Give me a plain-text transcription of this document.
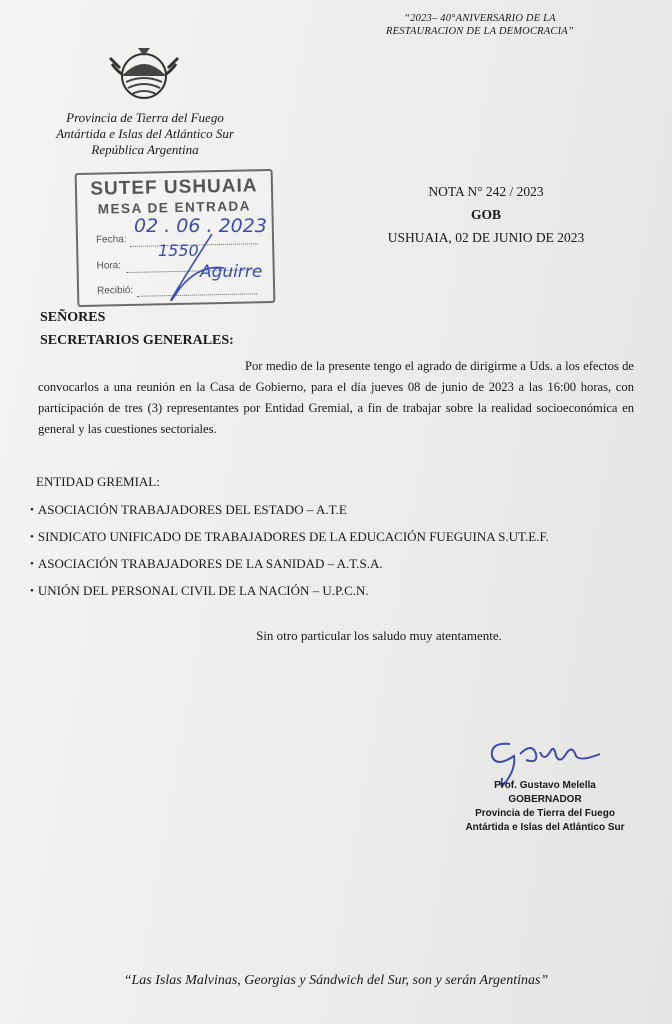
“2023– 40°ANIVERSARIO DE LA
RESTAURACION DE LA DEMOCRACIA”
Provincia de Tierra del Fuego
Antártida e Islas del Atlántico Sur
República Argentina
SUTEF USHUAIA
MESA DE ENTRADA
Fecha:
Hora:
Recibió:
02 . 06 . 2023
1550
Aguirre
NOTA N° 242 / 2023
GOB
USHUAIA, 02 DE JUNIO DE 2023
SEÑORES
SECRETARIOS GENERALES:
Por medio de la presente tengo el agrado de dirigirme a Uds. a los efectos de convocarlos a una reunión en la Casa de Gobierno, para el día jueves 08 de junio de 2023 a las 16:00 horas, con participación de tres (3) representantes por Entidad Gremial, a fin de trabajar sobre la realidad socioeconómica en general y las cuestiones sectoriales.
ENTIDAD GREMIAL:
• ASOCIACIÓN TRABAJADORES DEL ESTADO – A.T.E
• SINDICATO UNIFICADO DE TRABAJADORES DE LA EDUCACIÓN FUEGUINA S.UT.E.F.
• ASOCIACIÓN TRABAJADORES DE LA SANIDAD – A.T.S.A.
• UNIÓN DEL PERSONAL CIVIL DE LA NACIÓN – U.P.C.N.
Sin otro particular los saludo muy atentamente.
Prof. Gustavo Melella
GOBERNADOR
Provincia de Tierra del Fuego
Antártida e Islas del Atlántico Sur
“Las Islas Malvinas, Georgias y Sándwich del Sur, son y serán Argentinas”
